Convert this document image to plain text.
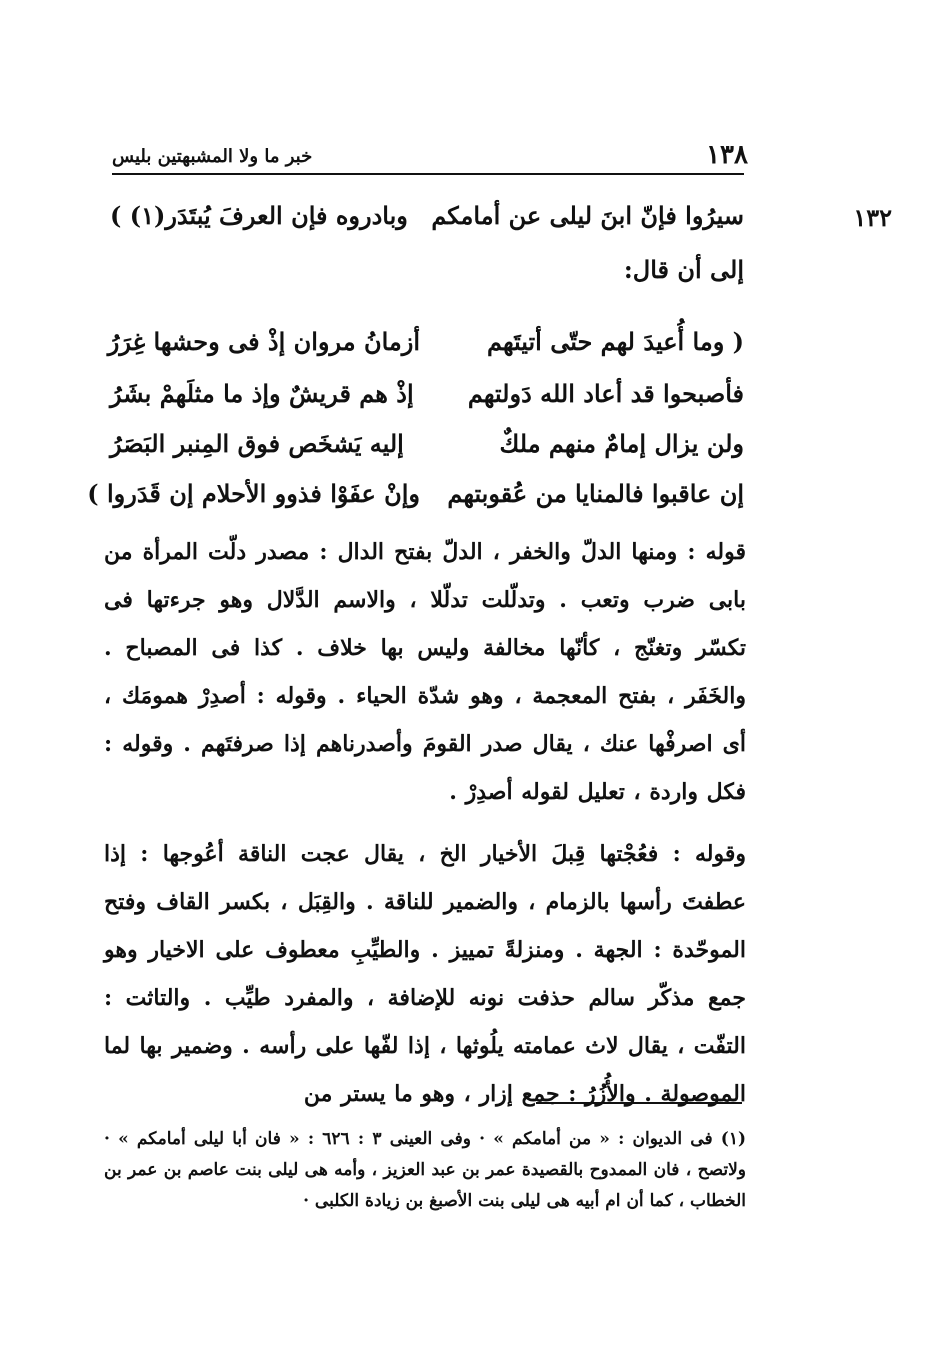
١٣٨
خبر ما ولا المشبهتين بليس
١٣٢
سيرُوا فإنّ ابنَ ليلى عن أمامكم
وبادروه فإن العرفَ يُبتَدَر(١) )
إلى أن قال:
( وما أُعيدَ لهم حتّى أتيتَهم
أزمانُ مروان إذْ فى وحشها غِرَرُ
فأصبحوا قد أعاد الله دَولتهم
إذْ هم قريشٌ وإذ ما مثلَهمْ بشَرُ
ولن يزال إمامٌ منهم ملكٌ
إليه يَشخَص فوق المِنبر البَصَرُ
إن عاقبوا فالمنايا من عُقوبتهم
وإنْ عفَوْا فذوو الأحلام إن قَدَروا )

قوله : ومنها الدلّ والخفر ، الدلّ بفتح الدال : مصدر دلّت المرأة من بابى ضرب وتعب . وتدلّلت تدلّلا ، والاسم الدَّلال وهو جرءتها فى تكسّر وتغنّج ، كأنّها مخالفة وليس بها خلاف . كذا فى المصباح . والخَفَر ، بفتح المعجمة ، وهو شدّة الحياء . وقوله : أصدِرْ همومَك ، أى اصرفْها عنك ، يقال صدر القومَ وأصدرناهم إذا صرفتَهم . وقوله : فكل واردة ، تعليل لقوله أصدِرْ .

وقوله : فعُجْتها قِبلَ الأخيار الخ ، يقال عجت الناقة أعُوجها : إذا عطفتَ رأسها بالزمام ، والضمير للناقة . والقِبَل ، بكسر القاف وفتح الموحّدة : الجهة . ومنزلةً تمييز . والطيِّبِ معطوف على الاخيار وهو جمع مذكّر سالم حذفت نونه للإضافة ، والمفرد طيِّب . والتاثت : التفّت ، يقال لاث عمامته يلُوثها ، إذا لفّها على رأسه . وضمير بها لما الموصولة . والأُزُرُ : جمع إزار ، وهو ما يستر من

(١) فى الديوان : « من أمامكم » · وفى العينى ٣ : ٦٢٦ : « فان أبا ليلى أمامكم » · ولاتصح ، فان الممدوح بالقصيدة عمر بن عبد العزيز ، وأمه هى ليلى بنت عاصم بن عمر بن الخطاب ، كما أن ام أبيه هى ليلى بنت الأصبغ بن زيادة الكلبى ·
